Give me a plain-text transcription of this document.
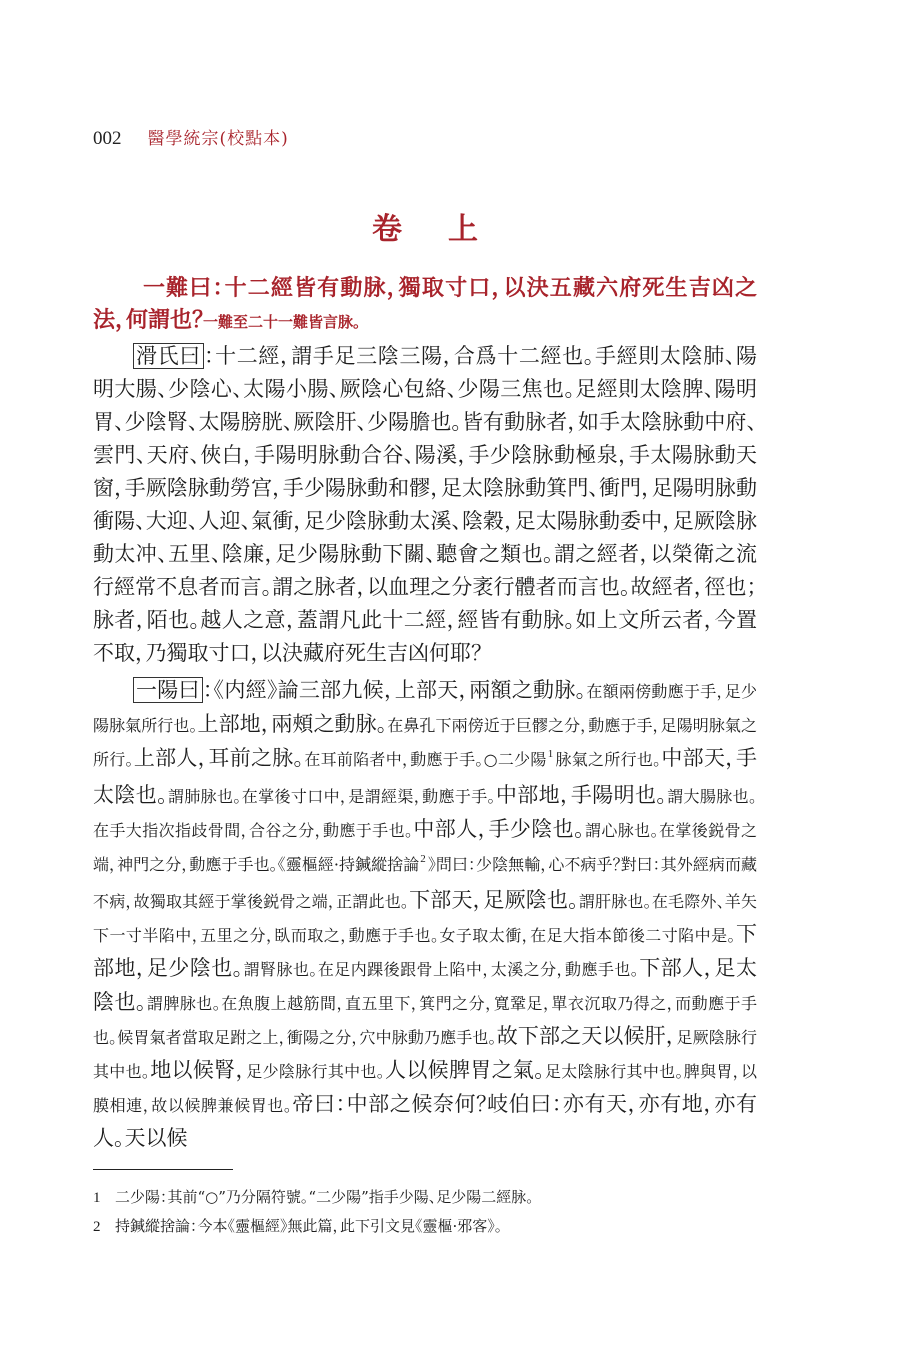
002 醫學統宗(校點本)
卷　上

一難曰：十二經皆有動脉，獨取寸口，以決五藏六府死生吉凶之法，何謂也？一難至二十一難皆言脉。

滑氏曰 ：十二經，謂手足三陰三陽，合爲十二經也。手經則太陰肺、陽明大腸、少陰心、太陽小腸、厥陰心包絡、少陽三焦也。足經則太陰脾、陽明胃、少陰腎、太陽膀胱、厥陰肝、少陽膽也。皆有動脉者，如手太陰脉動中府、雲門、天府、俠白，手陽明脉動合谷、陽溪，手少陰脉動極泉，手太陽脉動天窗，手厥陰脉動勞宫，手少陽脉動和髎，足太陰脉動箕門、衝門，足陽明脉動衝陽、大迎、人迎、氣衝，足少陰脉動太溪、陰穀，足太陽脉動委中，足厥陰脉動太冲、五里、陰廉，足少陽脉動下關、聽會之類也。謂之經者，以榮衛之流行經常不息者而言。謂之脉者，以血理之分袤行體者而言也。故經者，徑也；脉者，陌也。越人之意，蓋謂凡此十二經，經皆有動脉。如上文所云者，今置不取，乃獨取寸口，以決藏府死生吉凶何耶？

一陽曰 ：《内經》論三部九候，上部天，兩額之動脉。在額兩傍動應于手，足少陽脉氣所行也。上部地，兩頰之動脉。在鼻孔下兩傍近于巨髎之分，動應于手，足陽明脉氣之所行。上部人，耳前之脉。在耳前陷者中，動應于手。○二少陽$^1$ 脉氣之所行也。中部天，手太陰也。謂肺脉也。在掌後寸口中，是謂經渠，動應于手。中部地，手陽明也。謂大腸脉也。在手大指次指歧骨間，合谷之分，動應于手也。中部人，手少陰也。謂心脉也。在掌後鋭骨之端，神門之分，動應于手也。《靈樞經·持鍼縱捨論$^2$ 》問曰：少陰無輸，心不病乎？對曰：其外經病而藏不病，故獨取其經于掌後鋭骨之端，正謂此也。下部天，足厥陰也。謂肝脉也。在毛際外、羊矢下一寸半陷中，五里之分，臥而取之，動應于手也。女子取太衝，在足大指本節後二寸陷中是。下部地，足少陰也。謂腎脉也。在足内踝後跟骨上陷中，太溪之分，動應手也。下部人，足太陰也。謂脾脉也。在魚腹上越筋間，直五里下，箕門之分，寬鞏足，單衣沉取乃得之，而動應于手也。候胃氣者當取足跗之上，衝陽之分，穴中脉動乃應手也。故下部之天以候肝，足厥陰脉行其中也。地以候腎，足少陰脉行其中也。人以候脾胃之氣。足太陰脉行其中也。脾與胃，以膜相連，故以候脾兼候胃也。帝曰：中部之候奈何？岐伯曰：亦有天，亦有地，亦有人。天以候

1 二少陽：其前“○”乃分隔符號。“二少陽”指手少陽、足少陽二經脉。
2 持鍼縱捨論：今本《靈樞經》無此篇，此下引文見《靈樞·邪客》。
